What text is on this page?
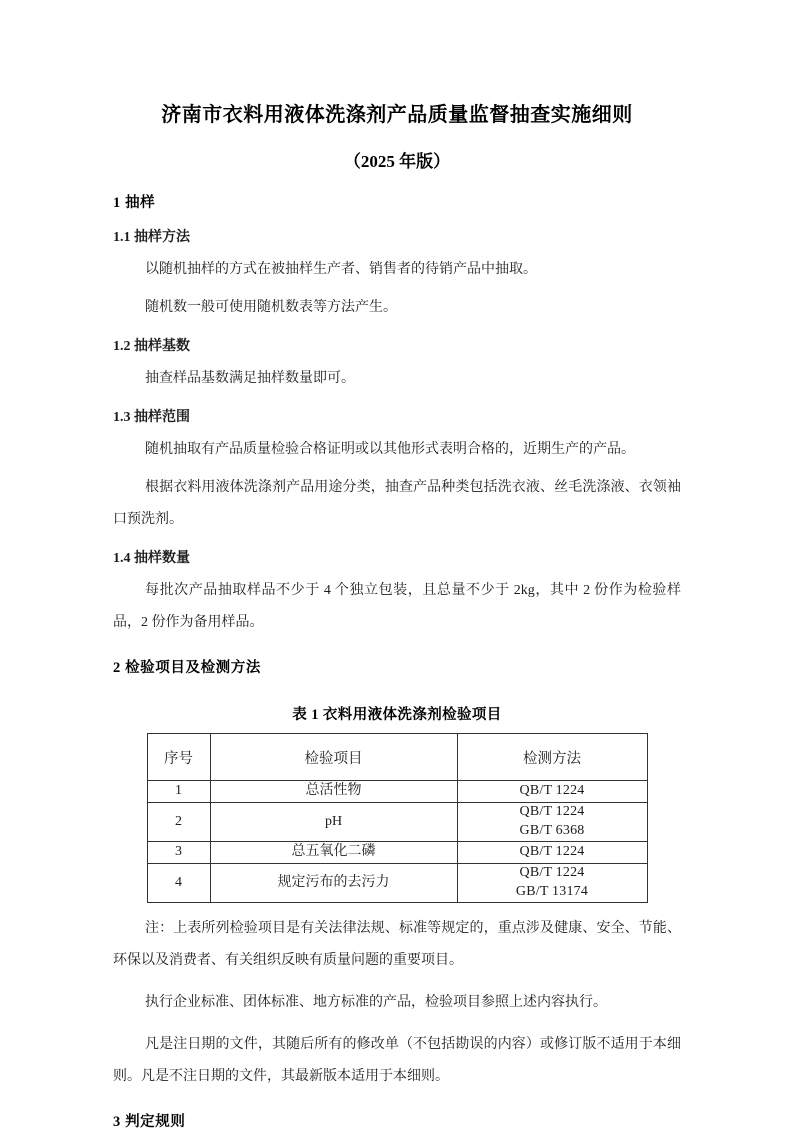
济南市衣料用液体洗涤剂产品质量监督抽查实施细则
（2025 年版）
1 抽样
1.1 抽样方法

以随机抽样的方式在被抽样生产者、销售者的待销产品中抽取。

随机数一般可使用随机数表等方法产生。

1.2 抽样基数

抽查样品基数满足抽样数量即可。

1.3 抽样范围

随机抽取有产品质量检验合格证明或以其他形式表明合格的，近期生产的产品。

根据衣料用液体洗涤剂产品用途分类，抽查产品种类包括洗衣液、丝毛洗涤液、衣领袖口预洗剂。

1.4 抽样数量

每批次产品抽取样品不少于 4 个独立包装，且总量不少于 2kg，其中 2 份作为检验样品，2 份作为备用样品。

2 检验项目及检测方法

表 1 衣料用液体洗涤剂检验项目

序号	检验项目	检测方法
1	总活性物	QB/T 1224

2	pH	QB/T 1224
GB/T 6368

3	总五氧化二磷	QB/T 1224

4	规定污布的去污力	QB/T 1224
GB/T 13174

注：上表所列检验项目是有关法律法规、标准等规定的，重点涉及健康、安全、节能、环保以及消费者、有关组织反映有质量问题的重要项目。

执行企业标准、团体标准、地方标准的产品，检验项目参照上述内容执行。

凡是注日期的文件，其随后所有的修改单（不包括勘误的内容）或修订版不适用于本细则。凡是不注日期的文件，其最新版本适用于本细则。

3 判定规则
